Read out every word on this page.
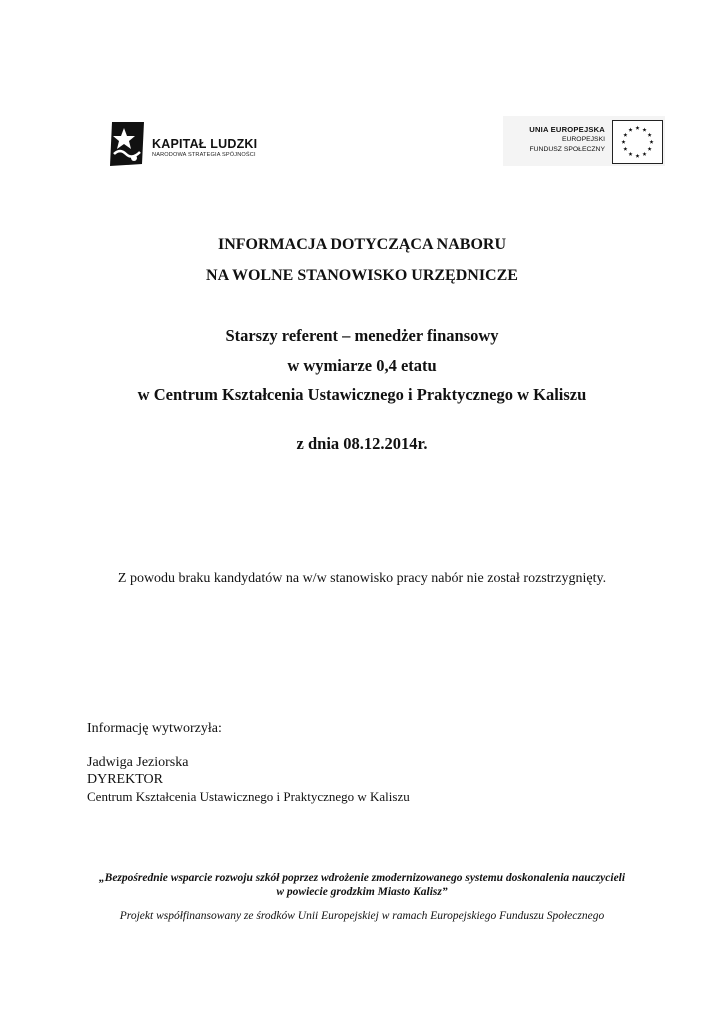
KAPITAŁ LUDZKI
NARODOWA STRATEGIA SPÓJNOŚCI
UNIA EUROPEJSKA
EUROPEJSKI
FUNDUSZ SPOŁECZNY
INFORMACJA DOTYCZĄCA NABORU
NA WOLNE STANOWISKO URZĘDNICZE
Starszy referent – menedżer finansowy
w wymiarze 0,4 etatu
w Centrum Kształcenia Ustawicznego i Praktycznego w Kaliszu
z dnia 08.12.2014r.
Z powodu braku kandydatów na w/w stanowisko pracy nabór nie został rozstrzygnięty.
Informację wytworzyła:
Jadwiga Jeziorska
DYREKTOR
Centrum Kształcenia Ustawicznego i Praktycznego w Kaliszu
„Bezpośrednie wsparcie rozwoju szkół poprzez wdrożenie zmodernizowanego systemu doskonalenia nauczycieli
w powiecie grodzkim Miasto Kalisz”
Projekt współfinansowany ze środków Unii Europejskiej w ramach Europejskiego Funduszu Społecznego
